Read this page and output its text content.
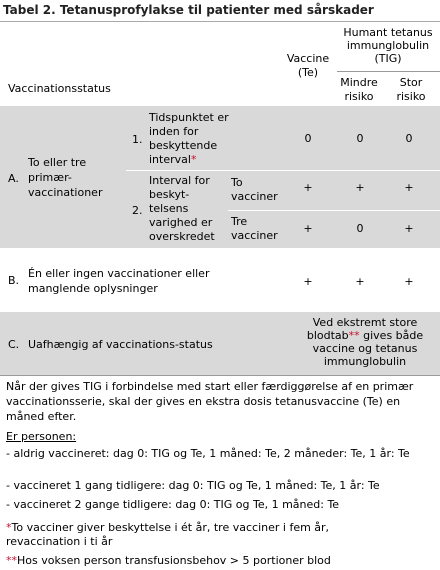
Tabel 2. Tetanusprofylakse til patienter med sårskader
Vaccinationsstatus
Vaccine (Te)
Humant tetanus immunglobulin (TIG)
Mindre risiko
Stor risiko
A.
To eller tre primær-vaccinationer
1.
Tidspunktet er inden for beskyttende interval*
0	0	0
2.
Interval for beskyt-telsens varighed er overskredet
To vacciner
+	+	+
Tre vacciner
+	0	+
B.
Én eller ingen vaccinationer eller manglende oplysninger
+	+	+
C. Uafhængig af vaccinations-status
Ved ekstremt store blodtab** gives både vaccine og tetanus immunglobulin
Når der gives TIG i forbindelse med start eller færdiggørelse af en primær vaccinationsserie, skal der gives en ekstra dosis tetanusvaccine (Te) en måned efter.
Er personen:
- aldrig vaccineret: dag 0: TIG og Te, 1 måned: Te, 2 måneder: Te, 1 år: Te
- vaccineret 1 gang tidligere: dag 0: TIG og Te, 1 måned: Te, 1 år: Te
- vaccineret 2 gange tidligere: dag 0: TIG og Te, 1 måned: Te
*To vacciner giver beskyttelse i ét år, tre vacciner i fem år, revaccination i ti år
**Hos voksen person transfusionsbehov > 5 portioner blod
